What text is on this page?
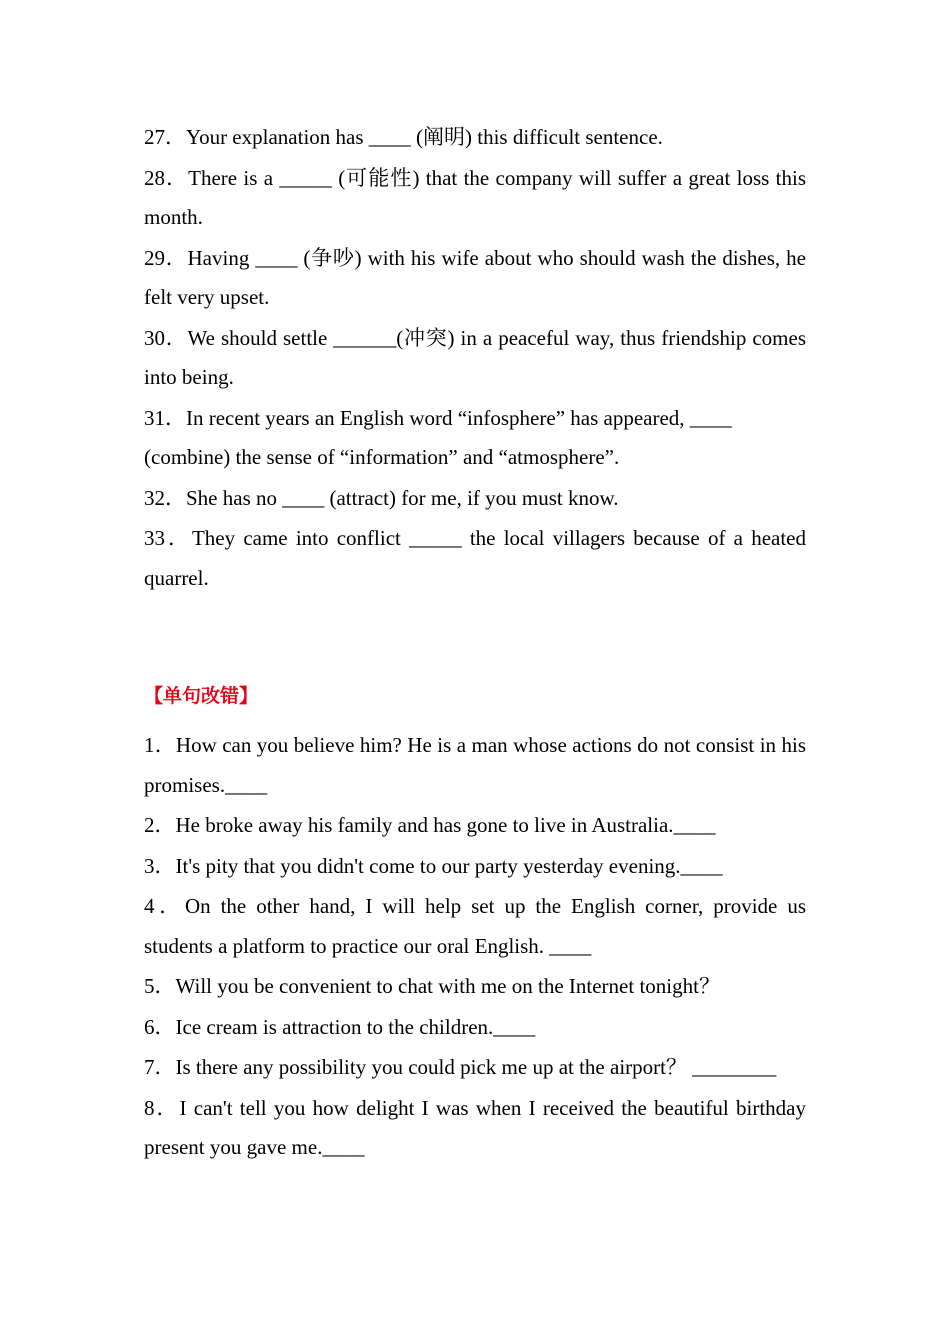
27．Your explanation has ____ (阐明) this difficult sentence.

28．There is a _____ (可能性) that the company will suffer a great loss this month.

29．Having ____ (争吵) with his wife about who should wash the dishes, he felt very upset.

30．We should settle ______(冲突) in a peaceful way, thus friendship comes into being.

31．In recent years an English word “infosphere” has appeared, ____ (combine) the sense of “information” and “atmosphere”.

32．She has no ____ (attract) for me, if you must know.

33．They came into conflict _____ the local villagers because of a heated quarrel.

【单句改错】

1．How can you believe him? He is a man whose actions do not consist in his promises.____

2．He broke away his family and has gone to live in Australia.____

3．It's pity that you didn't come to our party yesterday evening.____

4．On the other hand, I will help set up the English corner, provide us students a platform to practice our oral English. ____

5．Will you be convenient to chat with me on the Internet tonight？

6．Ice cream is attraction to the children.____

7．Is there any possibility you could pick me up at the airport？ ________

8．I can't tell you how delight I was when I received the beautiful birthday present you gave me.____
